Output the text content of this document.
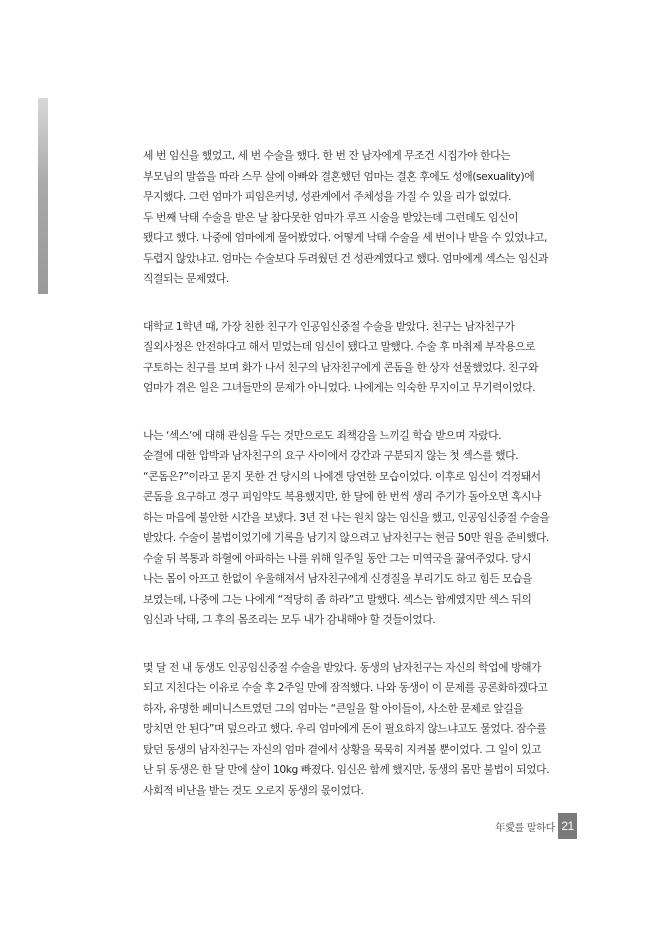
세 번 임신을 했었고, 세 번 수술을 했다. 한 번 잔 남자에게 무조건 시집가야 한다는
부모님의 말씀을 따라 스무 살에 아빠와 결혼했던 엄마는 결혼 후에도 성애(sexuality)에
무지했다. 그런 엄마가 피임은커녕, 성관계에서 주체성을 가질 수 있을 리가 없었다.
두 번째 낙태 수술을 받은 날 참다못한 엄마가 루프 시술을 받았는데 그런데도 임신이
됐다고 했다. 나중에 엄마에게 물어봤었다. 어떻게 낙태 수술을 세 번이나 받을 수 있었냐고,
두렵지 않았냐고. 엄마는 수술보다 두려웠던 건 성관계였다고 했다. 엄마에게 섹스는 임신과
직결되는 문제였다.
대학교 1학년 때, 가장 친한 친구가 인공임신중절 수술을 받았다. 친구는 남자친구가
질외사정은 안전하다고 해서 믿었는데 임신이 됐다고 말했다. 수술 후 마취제 부작용으로
구토하는 친구를 보며 화가 나서 친구의 남자친구에게 콘돔을 한 상자 선물했었다. 친구와
엄마가 겪은 일은 그녀들만의 문제가 아니었다. 나에게는 익숙한 무지이고 무기력이었다.
나는 ‘섹스’에 대해 관심을 두는 것만으로도 죄책감을 느끼길 학습 받으며 자랐다.
순결에 대한 압박과 남자친구의 요구 사이에서 강간과 구분되지 않는 첫 섹스를 했다.
“콘돔은?”이라고 묻지 못한 건 당시의 나에겐 당연한 모습이었다. 이후로 임신이 걱정돼서
콘돔을 요구하고 경구 피임약도 복용했지만, 한 달에 한 번씩 생리 주기가 돌아오면 혹시나
하는 마음에 불안한 시간을 보냈다. 3년 전 나는 원치 않는 임신을 했고, 인공임신중절 수술을
받았다. 수술이 불법이었기에 기록을 남기지 않으려고 남자친구는 현금 50만 원을 준비했다.
수술 뒤 복통과 하혈에 아파하는 나를 위해 일주일 동안 그는 미역국을 끓여주었다. 당시
나는 몸이 아프고 한없이 우울해져서 남자친구에게 신경질을 부리기도 하고 힘든 모습을
보였는데, 나중에 그는 나에게 “적당히 좀 하라”고 말했다. 섹스는 함께였지만 섹스 뒤의
임신과 낙태, 그 후의 몸조리는 모두 내가 감내해야 할 것들이었다.
몇 달 전 내 동생도 인공임신중절 수술을 받았다. 동생의 남자친구는 자신의 학업에 방해가
되고 지친다는 이유로 수술 후 2주일 만에 잠적했다. 나와 동생이 이 문제를 공론화하겠다고
하자, 유명한 페미니스트였던 그의 엄마는 “큰일을 할 아이들이, 사소한 문제로 앞길을
망치면 안 된다”며 덮으라고 했다. 우리 엄마에게 돈이 필요하지 않느냐고도 물었다. 잠수를
탔던 동생의 남자친구는 자신의 엄마 곁에서 상황을 묵묵히 지켜볼 뿐이었다. 그 일이 있고
난 뒤 동생은 한 달 만에 살이 10kg 빠졌다. 임신은 함께 했지만, 동생의 몸만 불법이 되었다.
사회적 비난을 받는 것도 오로지 동생의 몫이었다.
年愛를 말하다 21
